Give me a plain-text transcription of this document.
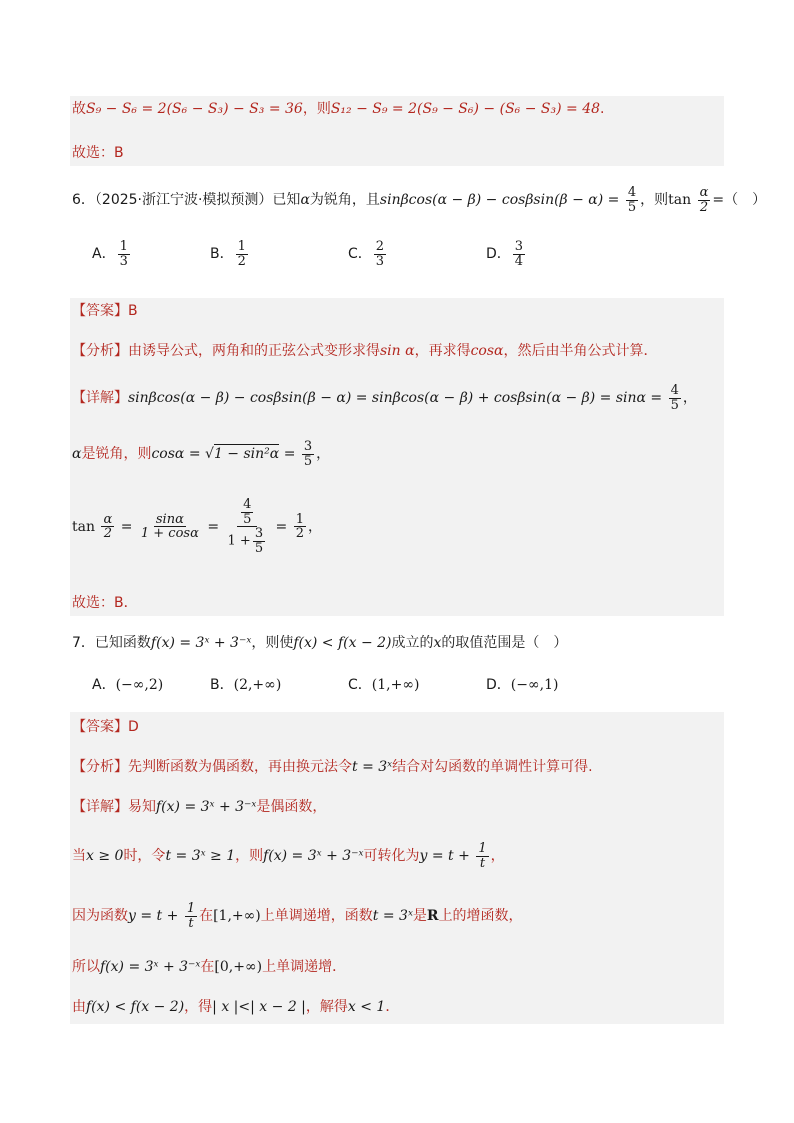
故S₉ − S₆ = 2(S₆ − S₃) − S₃ = 36，则S₁₂ − S₉ = 2(S₉ − S₆) − (S₆ − S₃) = 48.
故选：B
6．（2025·浙江宁波·模拟预测）已知α为锐角，且$\sin\beta\cos(\alpha - \beta) - \cos\beta\sin(\beta - \alpha) = \frac{4}{5}$ ，则$\tan \frac{\alpha}{2}$ =（　）
A． $\frac{1}{3}$	B． $\frac{1}{2}$	C． $\frac{2}{3}$	D． $\frac{3}{4}$
【答案】B
【分析】由诱导公式，两角和的正弦公式变形求得sin α，再求得cosα，然后由半角公式计算．
【详解】$\sin\beta\cos(\alpha - \beta) - \cos\beta\sin(\beta - \alpha) = \sin\beta\cos(\alpha - \beta) + \cos\beta\sin(\alpha - \beta) = \sin\alpha = \frac{4}{5}$ ，
α是锐角，则$\cos\alpha = √1 - \sin^2\alpha = \frac{3}{5}$ ，
$\tan \frac{\alpha}{2} = \frac{\sin\alpha}{1 + \cos\alpha} = \frac{\frac{4}{5}}{1 + \frac{3}{5}} = \frac{1}{2}$ ，
故选：B．
7．已知函数f(x) = 3ˣ + 3⁻ˣ，则使f(x) < f(x − 2)成立的x的取值范围是（　）
A．(−∞,2)	B．(2,+∞)	C．(1,+∞)	D．(−∞,1)
【答案】D
【分析】先判断函数为偶函数，再由换元法令t = 3ˣ结合对勾函数的单调性计算可得.
【详解】易知f(x) = 3ˣ + 3⁻ˣ是偶函数，
当x ≥ 0时，令t = 3ˣ ≥ 1，则f(x) = 3ˣ + 3⁻ˣ可转化为$y = t + \frac{1}{t}$ ，
因为函数$y = t + \frac{1}{t}$ 在[1,+∞)上单调递增，函数t = 3ˣ是R上的增函数，
所以f(x) = 3ˣ + 3⁻ˣ在[0,+∞)上单调递增．
由f(x) < f(x − 2)，得| x |<| x − 2 |，解得x < 1．
